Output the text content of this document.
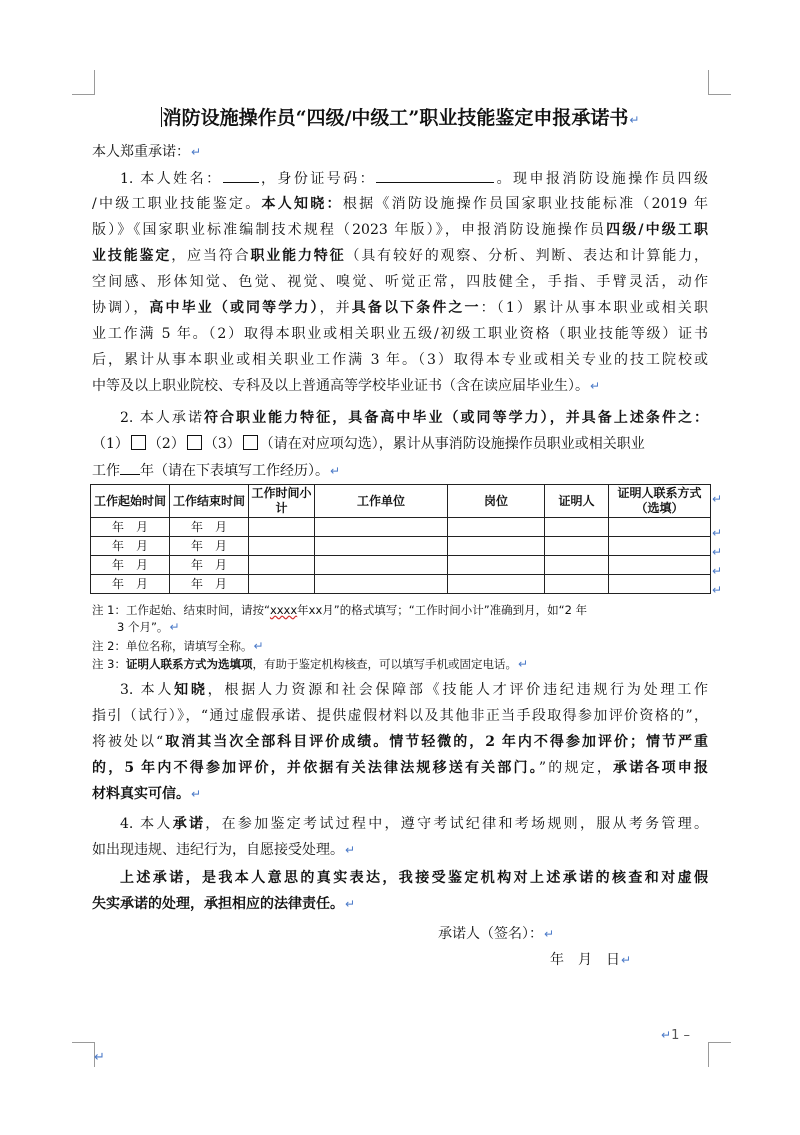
消防设施操作员“四级/中级工”职业技能鉴定申报承诺书↵
本人郑重承诺：↵
1. 本人姓名：	，身份证号码：	。现申报消防设施操作员四级
/中级工职业技能鉴定。本人知晓：根据《消防设施操作员国家职业技能标准（2019 年
版）》《国家职业标准编制技术规程（2023 年版）》，申报消防设施操作员四级/中级工职
业技能鉴定，应当符合职业能力特征（具有较好的观察、分析、判断、表达和计算能力，
空间感、形体知觉、色觉、视觉、嗅觉、听觉正常，四肢健全，手指、手臂灵活，动作
协调），高中毕业（或同等学力），并具备以下条件之一：（1）累计从事本职业或相关职
业工作满 5 年。（2）取得本职业或相关职业五级/初级工职业资格（职业技能等级）证书
后，累计从事本职业或相关职业工作满 3 年。（3）取得本专业或相关专业的技工院校或
中等及以上职业院校、专科及以上普通高等学校毕业证书（含在读应届毕业生）。↵
2. 本人承诺符合职业能力特征，具备高中毕业（或同等学力），并具备上述条件之：
（1） （2） （3） （请在对应项勾选），累计从事消防设施操作员职业或相关职业
工作 年（请在下表填写工作经历）。↵
工作起始时间	工作结束时间	工作时间小计	工作单位	岗位	证明人	证明人联系方式（选填）
年　月	年　月					
年　月	年　月					
年　月	年　月					
年　月	年　月					
↵
↵
↵
↵
↵
注 1：工作起始、结束时间，请按“xxxx年xx月”的格式填写；“工作时间小计”准确到月，如“2 年
3 个月”。↵
注 2：单位名称，请填写全称。↵
注 3：证明人联系方式为选填项，有助于鉴定机构核查，可以填写手机或固定电话。↵
3. 本人知晓，根据人力资源和社会保障部《技能人才评价违纪违规行为处理工作
指引（试行）》，“通过虚假承诺、提供虚假材料以及其他非正当手段取得参加评价资格的”，
将被处以“取消其当次全部科目评价成绩。情节轻微的，2 年内不得参加评价；情节严重
的，5 年内不得参加评价，并依据有关法律法规移送有关部门。”的规定，承诺各项申报
材料真实可信。↵
4. 本人承诺，在参加鉴定考试过程中，遵守考试纪律和考场规则，服从考务管理。
如出现违规、违纪行为，自愿接受处理。↵
上述承诺，是我本人意思的真实表达，我接受鉴定机构对上述承诺的核查和对虚假
失实承诺的处理，承担相应的法律责任。↵
承诺人（签名）：↵
年　月　日↵
↵1 –
↵
